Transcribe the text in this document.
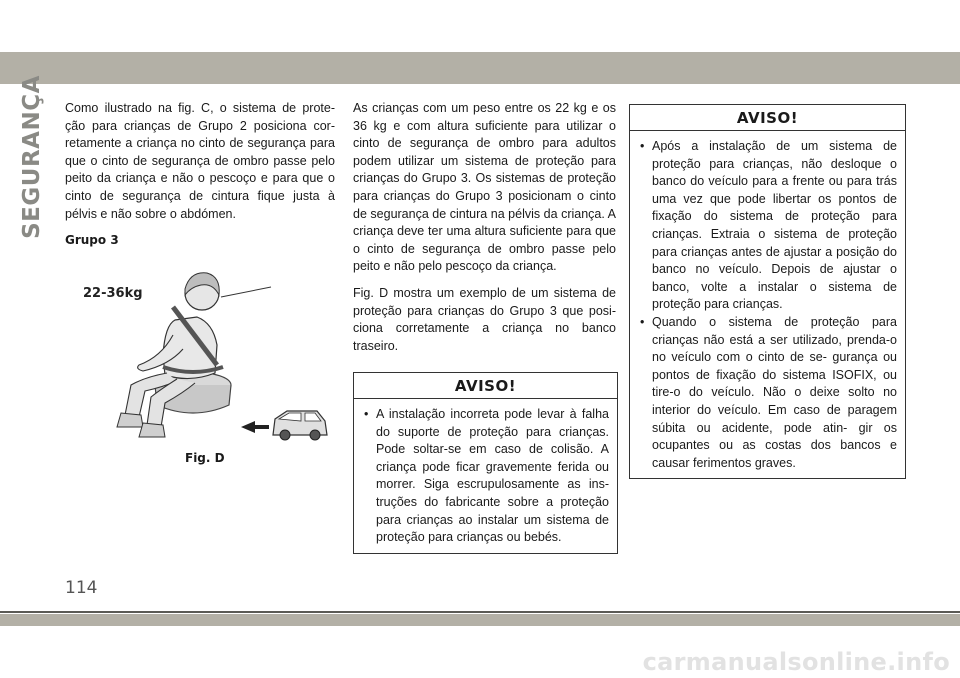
SEGURANÇA Como ilustrado na fig. C, o sistema de prote- ção para crianças de Grupo 2 posiciona cor- retamente a criança no cinto de segurança para que o cinto de segurança de ombro passe pelo peito da criança e não o pescoço e para que o cinto de segurança de cintura fique justa à pélvis e não sobre o abdómen.

Grupo 3
22-36kg
Fig. D

As crianças com um peso entre os 22 kg e os 36 kg e com altura suficiente para utilizar o cinto de segurança de ombro para adultos podem utilizar um sistema de proteção para crianças do Grupo 3. Os sistemas de proteção para crianças do Grupo 3 posicionam o cinto de segurança de cintura na pélvis da criança. A criança deve ter uma altura suficiente para que o cinto de segurança de ombro passe pelo peito e não pelo pescoço da criança.

Fig. D mostra um exemplo de um sistema de proteção para crianças do Grupo 3 que posi- ciona corretamente a criança no banco traseiro.

AVISO!
• A instalação incorreta pode levar à falha do suporte de proteção para crianças. Pode soltar-se em caso de colisão. A criança pode ficar gravemente ferida ou morrer. Siga escrupulosamente as ins- truções do fabricante sobre a proteção para crianças ao instalar um sistema de proteção para crianças ou bebés.
AVISO!
• Após a instalação de um sistema de proteção para crianças, não desloque o banco do veículo para a frente ou para trás uma vez que pode libertar os pontos de fixação do sistema de proteção para crianças. Extraia o sistema de proteção para crianças antes de ajustar a posição do banco no veículo. Depois de ajustar o banco, volte a instalar o sistema de proteção para crianças.
• Quando o sistema de proteção para crianças não está a ser utilizado, prenda-o no veículo com o cinto de se- gurança ou pontos de fixação do sistema ISOFIX, ou tire-o do veículo. Não o deixe solto no interior do veículo. Em caso de paragem súbita ou acidente, pode atin- gir os ocupantes ou as costas dos bancos e causar ferimentos graves.
114
carmanualsonline.info
